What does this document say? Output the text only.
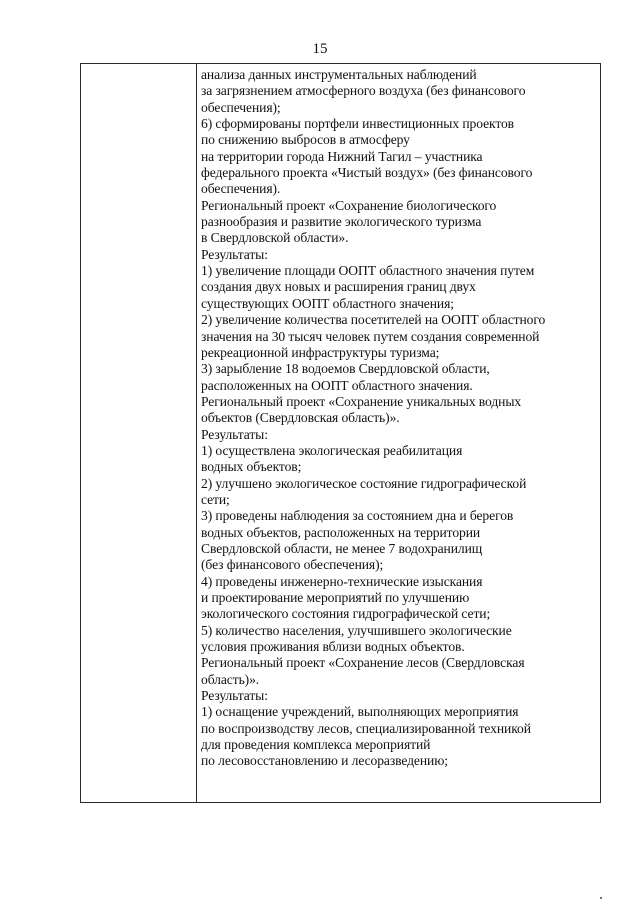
15
анализа данных инструментальных наблюдений
за загрязнением атмосферного воздуха (без финансового
обеспечения);
6) сформированы портфели инвестиционных проектов
по снижению выбросов в атмосферу
на территории города Нижний Тагил – участника
федерального проекта «Чистый воздух» (без финансового
обеспечения).
Региональный проект «Сохранение биологического
разнообразия и развитие экологического туризма
в Свердловской области».
Результаты:
1) увеличение площади ООПТ областного значения путем
создания двух новых и расширения границ двух
существующих ООПТ областного значения;
2) увеличение количества посетителей на ООПТ областного
значения на 30 тысяч человек путем создания современной
рекреационной инфраструктуры туризма;
3) зарыбление 18 водоемов Свердловской области,
расположенных на ООПТ областного значения.
Региональный проект «Сохранение уникальных водных
объектов (Свердловская область)».
Результаты:
1) осуществлена экологическая реабилитация
водных объектов;
2) улучшено экологическое состояние гидрографической
сети;
3) проведены наблюдения за состоянием дна и берегов
водных объектов, расположенных на территории
Свердловской области, не менее 7 водохранилищ
(без финансового обеспечения);
4) проведены инженерно-технические изыскания
и проектирование мероприятий по улучшению
экологического состояния гидрографической сети;
5) количество населения, улучшившего экологические
условия проживания вблизи водных объектов.
Региональный проект «Сохранение лесов (Свердловская
область)».
Результаты:
1) оснащение учреждений, выполняющих мероприятия
по воспроизводству лесов, специализированной техникой
для проведения комплекса мероприятий
по лесовосстановлению и лесоразведению;
